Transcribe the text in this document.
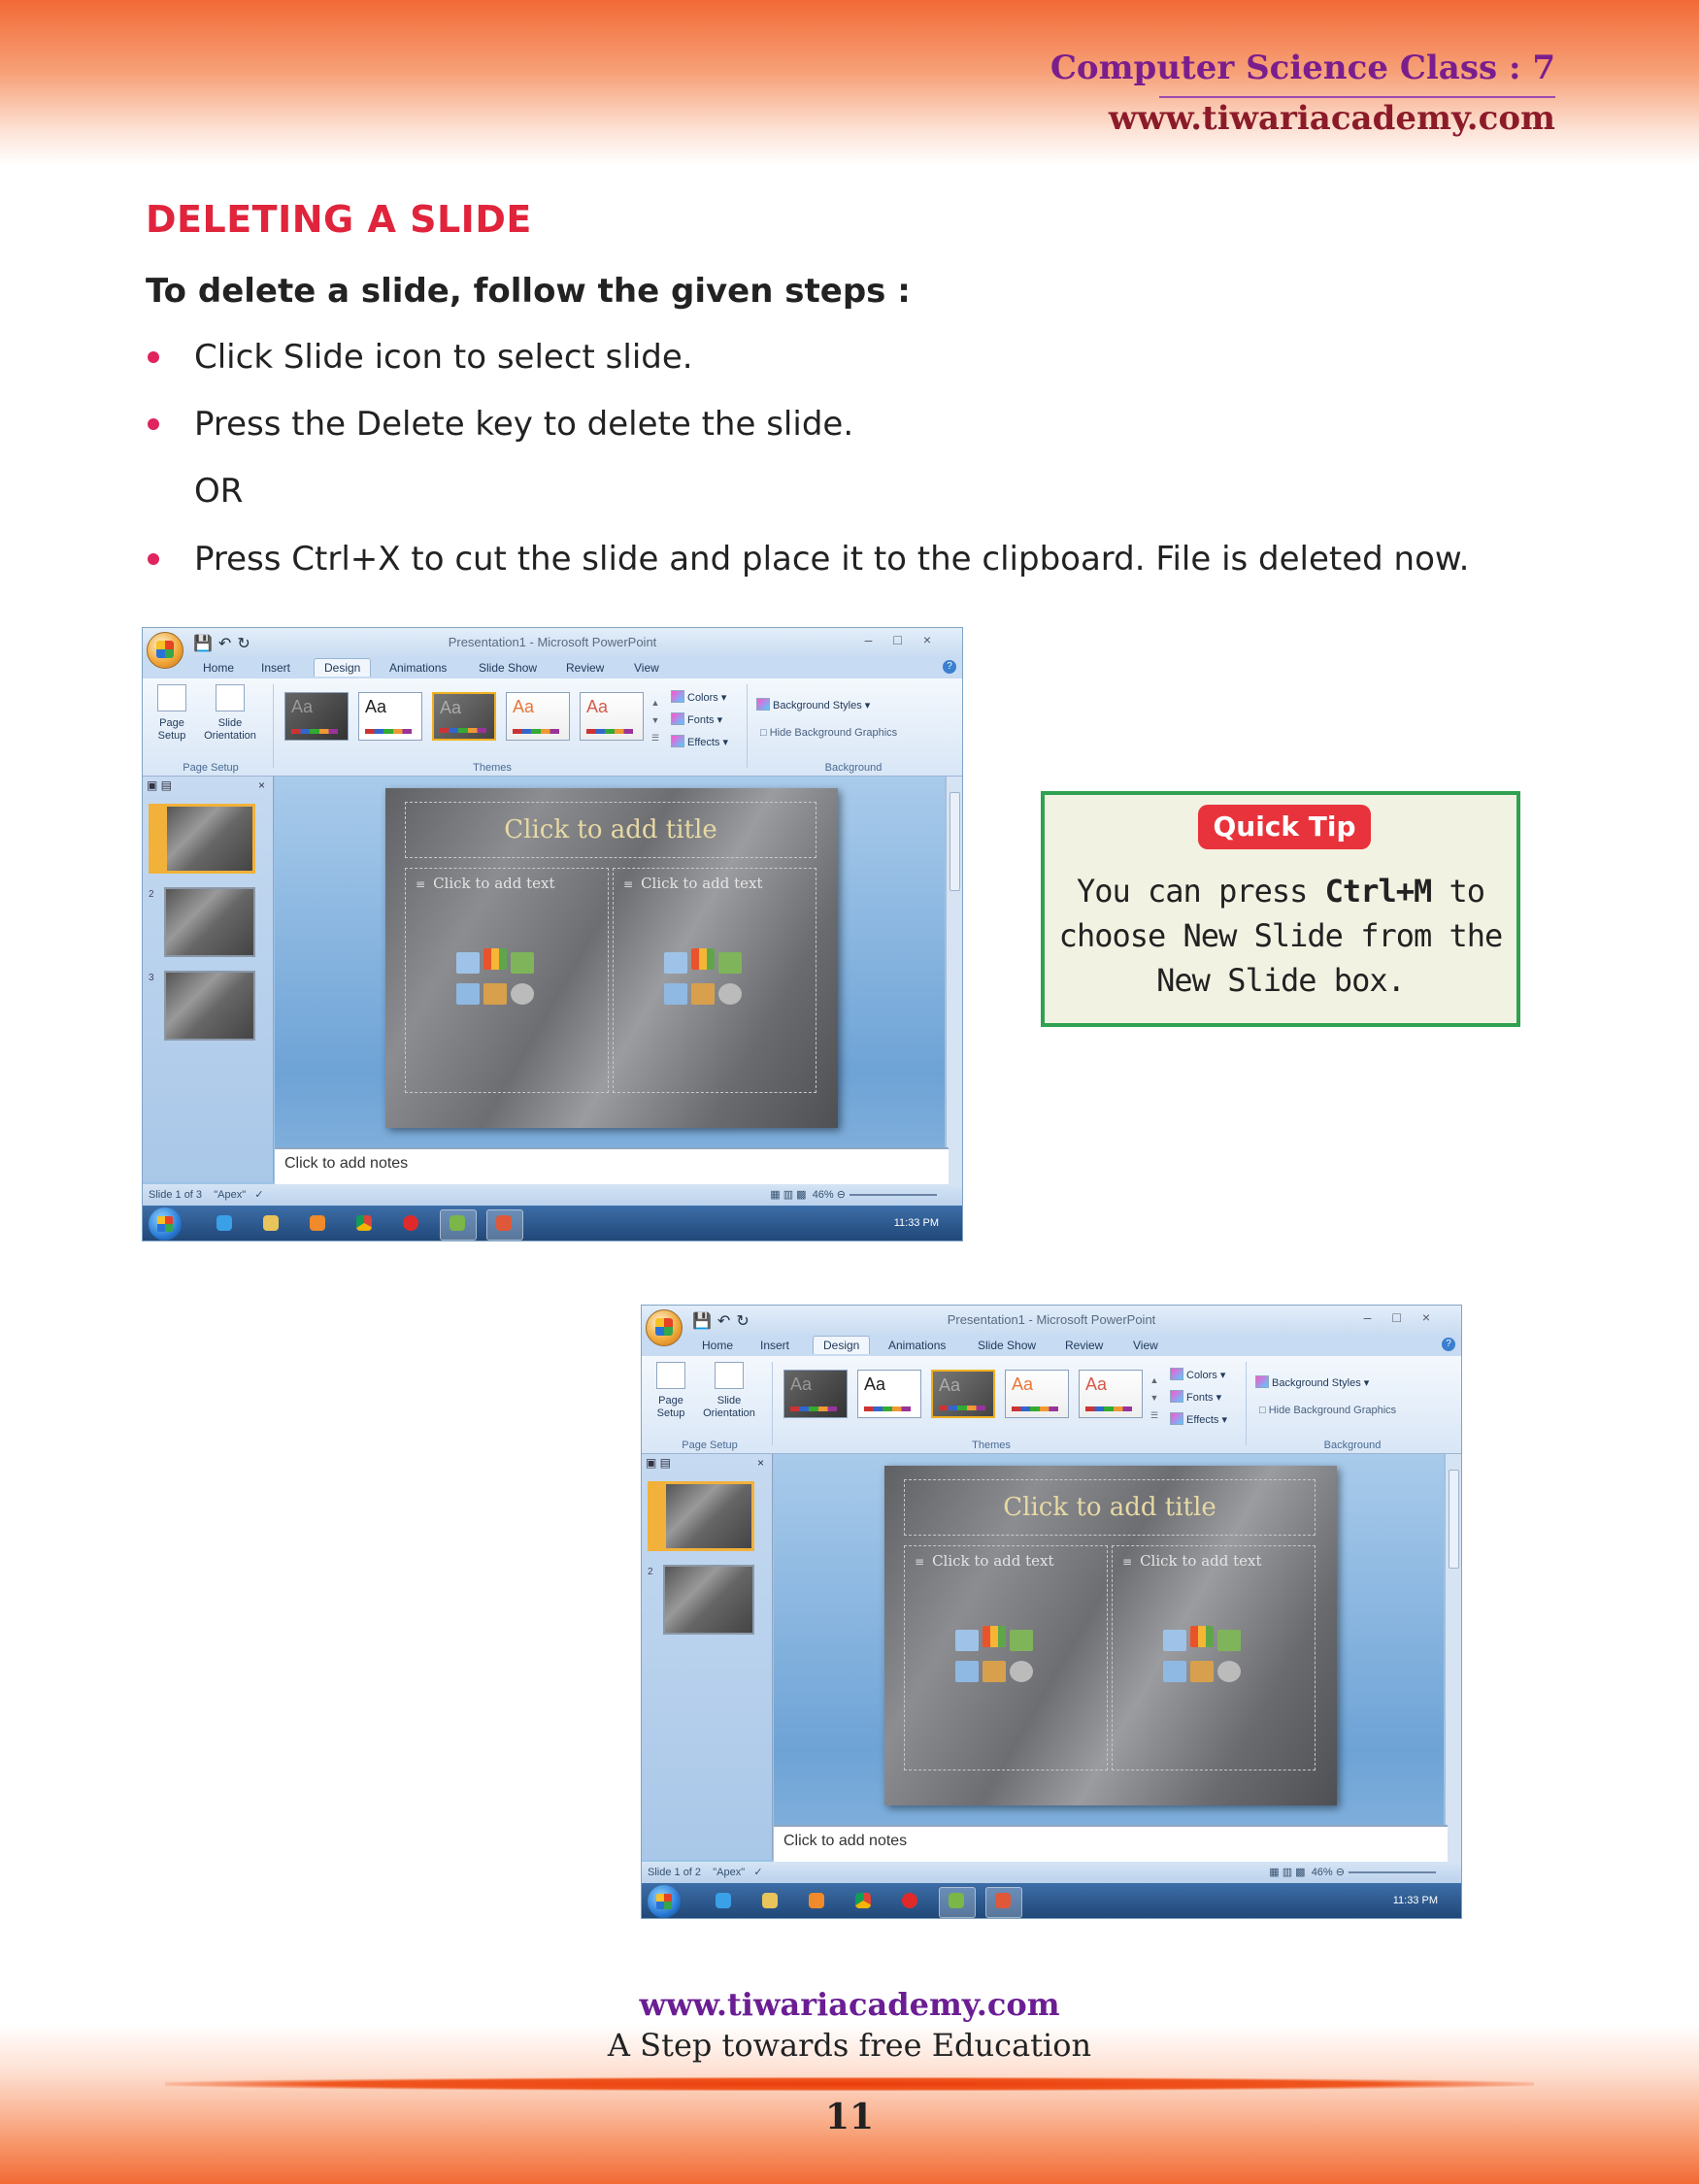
Computer Science Class : 7
www.tiwariacademy.com
DELETING A SLIDE
To delete a slide, follow the given steps :
Click Slide icon to select slide.
Press the Delete key to delete the slide.
OR
Press Ctrl+X to cut the slide and place it to the clipboard. File is deleted now.
💾↶↻	Presentation1 - Microsoft PowerPoint	–□×
Home Insert	Design	Animations	Slide Show Review	View	?
Page
Setup
Slide
Orientation
Page Setup
Aa	Aa	Aa	Aa	Aa	▲
▼
☰
Colors ▾
Fonts ▾
Effects ▾
Themes
Background Styles ▾
□ Hide Background Graphics
Background
▣ ▤	×
1
2
3
Click to add title
≡ Click to add text	≡ Click to add text
Click to add notes
Slide 1 of 3 "Apex" ✓	▦ ▥ ▩ 46% ⊖
11:33 PM
Quick Tip
You can press Ctrl+M to
choose New Slide from the
New Slide box.
💾↶↻	Presentation1 - Microsoft PowerPoint	–□×
Home Insert	Design	Animations	Slide Show Review	View	?
Page
Setup
Slide
Orientation
Page Setup
Aa	Aa	Aa	Aa	Aa	▲
▼
☰
Colors ▾
Fonts ▾
Effects ▾
Themes
Background Styles ▾
□ Hide Background Graphics
Background
▣ ▤	×
1
2
Click to add title
≡ Click to add text	≡ Click to add text
Click to add notes
Slide 1 of 2 "Apex" ✓	▦ ▥ ▩ 46% ⊖
11:33 PM
www.tiwariacademy.com
A Step towards free Education
11
